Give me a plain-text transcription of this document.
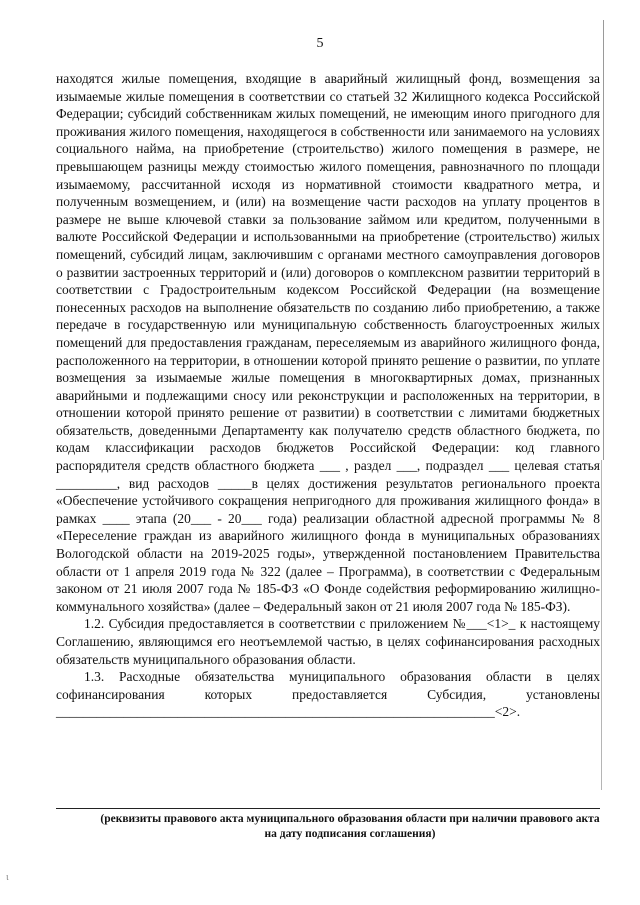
5

находятся жилые помещения, входящие в аварийный жилищный фонд, возмещения за изымаемые жилые помещения в соответствии со статьей 32 Жилищного кодекса Российской Федерации; субсидий собственникам жилых помещений, не имеющим иного пригодного для проживания жилого помещения, находящегося в собственности или занимаемого на условиях социального найма, на приобретение (строительство) жилого помещения в размере, не превышающем разницы между стоимостью жилого помещения, равнозначного по площади изымаемому, рассчитанной исходя из нормативной стоимости квадратного метра, и полученным возмещением, и (или) на возмещение части расходов на уплату процентов в размере не выше ключевой ставки за пользование займом или кредитом, полученными в валюте Российской Федерации и использованными на приобретение (строительство) жилых помещений, субсидий лицам, заключившим с органами местного самоуправления договоров о развитии застроенных территорий и (или) договоров о комплексном развитии территорий в соответствии с Градостроительным кодексом Российской Федерации (на возмещение понесенных расходов на выполнение обязательств по созданию либо приобретению, а также передаче в государственную или муниципальную собственность благоустроенных жилых помещений для предоставления гражданам, переселяемым из аварийного жилищного фонда, расположенного на территории, в отношении которой принято решение о развитии, по уплате возмещения за изымаемые жилые помещения в многоквартирных домах, признанных аварийными и подлежащими сносу или реконструкции и расположенных на территории, в отношении которой принято решение от развитии) в соответствии с лимитами бюджетных обязательств, доведенными Департаменту как получателю средств областного бюджета, по кодам классификации расходов бюджетов Российской Федерации: код главного распорядителя средств областного бюджета ___ , раздел ___, подраздел ___ целевая статья _________, вид расходов _____в целях достижения результатов регионального проекта «Обеспечение устойчивого сокращения непригодного для проживания жилищного фонда» в рамках ____ этапа (20___ - 20___ года) реализации областной адресной программы № 8 «Переселение граждан из аварийного жилищного фонда в муниципальных образованиях Вологодской области на 2019-2025 годы», утвержденной постановлением Правительства области от 1 апреля 2019 года № 322 (далее – Программа), в соответствии с Федеральным законом от 21 июля 2007 года № 185-ФЗ «О Фонде содействия реформированию жилищно-коммунального хозяйства» (далее – Федеральный закон от 21 июля 2007 года № 185-ФЗ).

1.2. Субсидия предоставляется в соответствии с приложением №___<1>_ к настоящему Соглашению, являющимся его неотъемлемой частью, в целях софинансирования расходных обязательств муниципального образования области.

1.3. Расходные обязательства муниципального образования области в целях софинансирования которых предоставляется Субсидия, установлены _________________________________________________________________<2>.

(реквизиты правового акта муниципального образования области при наличии правового акта на дату подписания соглашения)
ι
